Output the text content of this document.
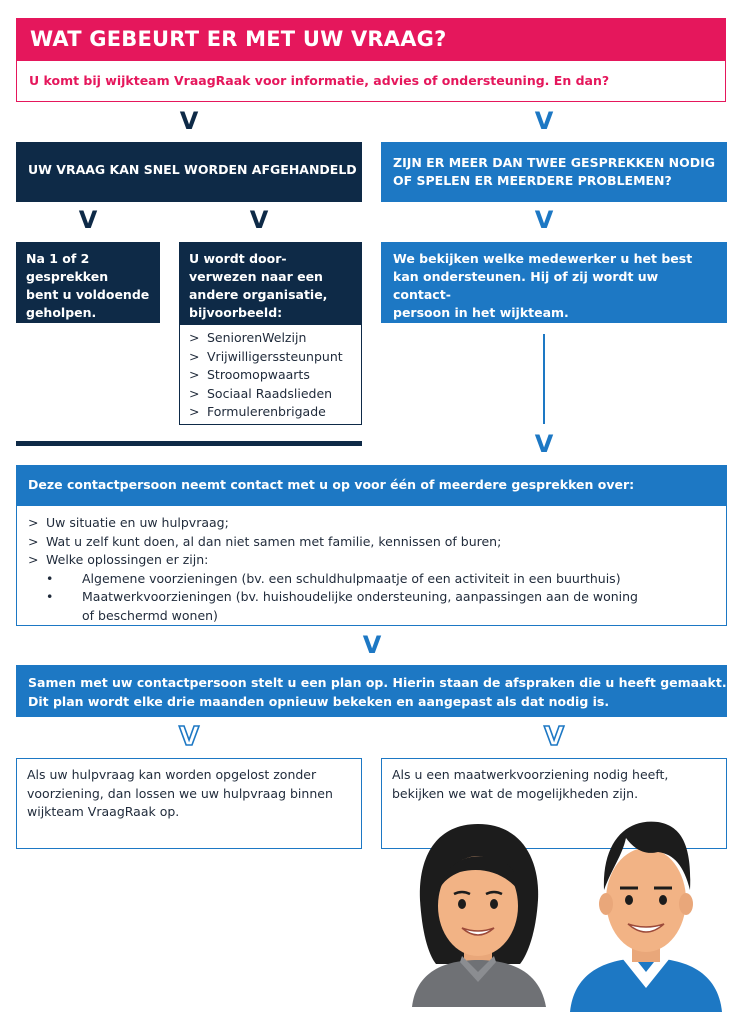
WAT GEBEURT ER MET UW VRAAG?
U komt bij wijkteam VraagRaak voor informatie, advies of ondersteuning. En dan?
V	V
UW VRAAG KAN SNEL WORDEN AFGEHANDELD	ZIJN ER MEER DAN TWEE GESPREKKEN NODIG
OF SPELEN ER MEERDERE PROBLEMEN?
V	V	V
Na 1 of 2
gesprekken
bent u voldoende
geholpen.
U wordt door-
verwezen naar een
andere organisatie,
bijvoorbeeld:
> SeniorenWelzijn
> Vrijwilligerssteunpunt
> Stroomopwaarts
> Sociaal Raadslieden
> Formulerenbrigade
We bekijken welke medewerker u het best
kan ondersteunen. Hij of zij wordt uw contact-
persoon in het wijkteam.
V
Deze contactpersoon neemt contact met u op voor één of meerdere gesprekken over:
> Uw situatie en uw hulpvraag;
> Wat u zelf kunt doen, al dan niet samen met familie, kennissen of buren;
> Welke oplossingen er zijn:
• Algemene voorzieningen (bv. een schuldhulpmaatje of een activiteit in een buurthuis)
• Maatwerkvoorzieningen (bv. huishoudelijke ondersteuning, aanpassingen aan de woning
of beschermd wonen)
V
Samen met uw contactpersoon stelt u een plan op. Hierin staan de afspraken die u heeft gemaakt.
Dit plan wordt elke drie maanden opnieuw bekeken en aangepast als dat nodig is.
V	V
Als uw hulpvraag kan worden opgelost zonder
voorziening, dan lossen we uw hulpvraag binnen
wijkteam VraagRaak op.
Als u een maatwerkvoorziening nodig heeft,
bekijken we wat de mogelijkheden zijn.
